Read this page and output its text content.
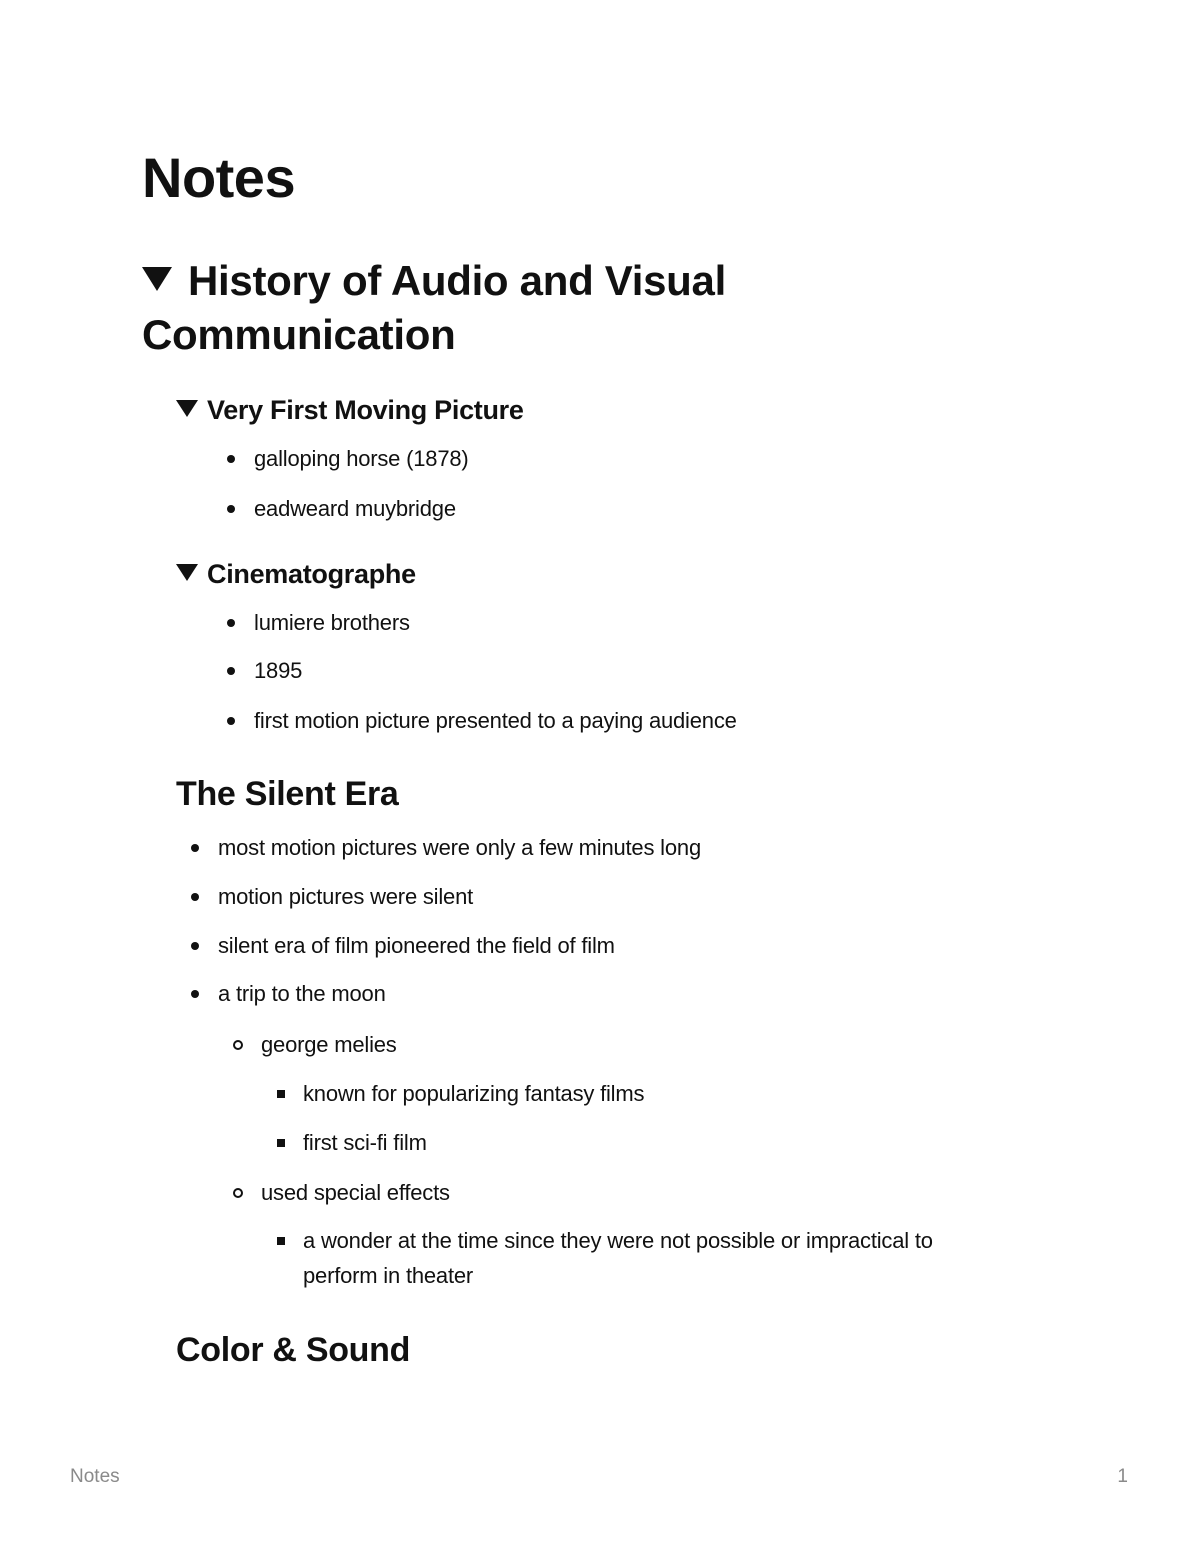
Notes
History of Audio and Visual Communication
Very First Moving Picture
galloping horse (1878)
eadweard muybridge
Cinematographe
lumiere brothers
1895
first motion picture presented to a paying audience
The Silent Era
most motion pictures were only a few minutes long
motion pictures were silent
silent era of film pioneered the field of film
a trip to the moon
george melies
known for popularizing fantasy films
first sci-fi film
used special effects
a wonder at the time since they were not possible or impractical to perform in theater
Color & Sound
Notes	1
